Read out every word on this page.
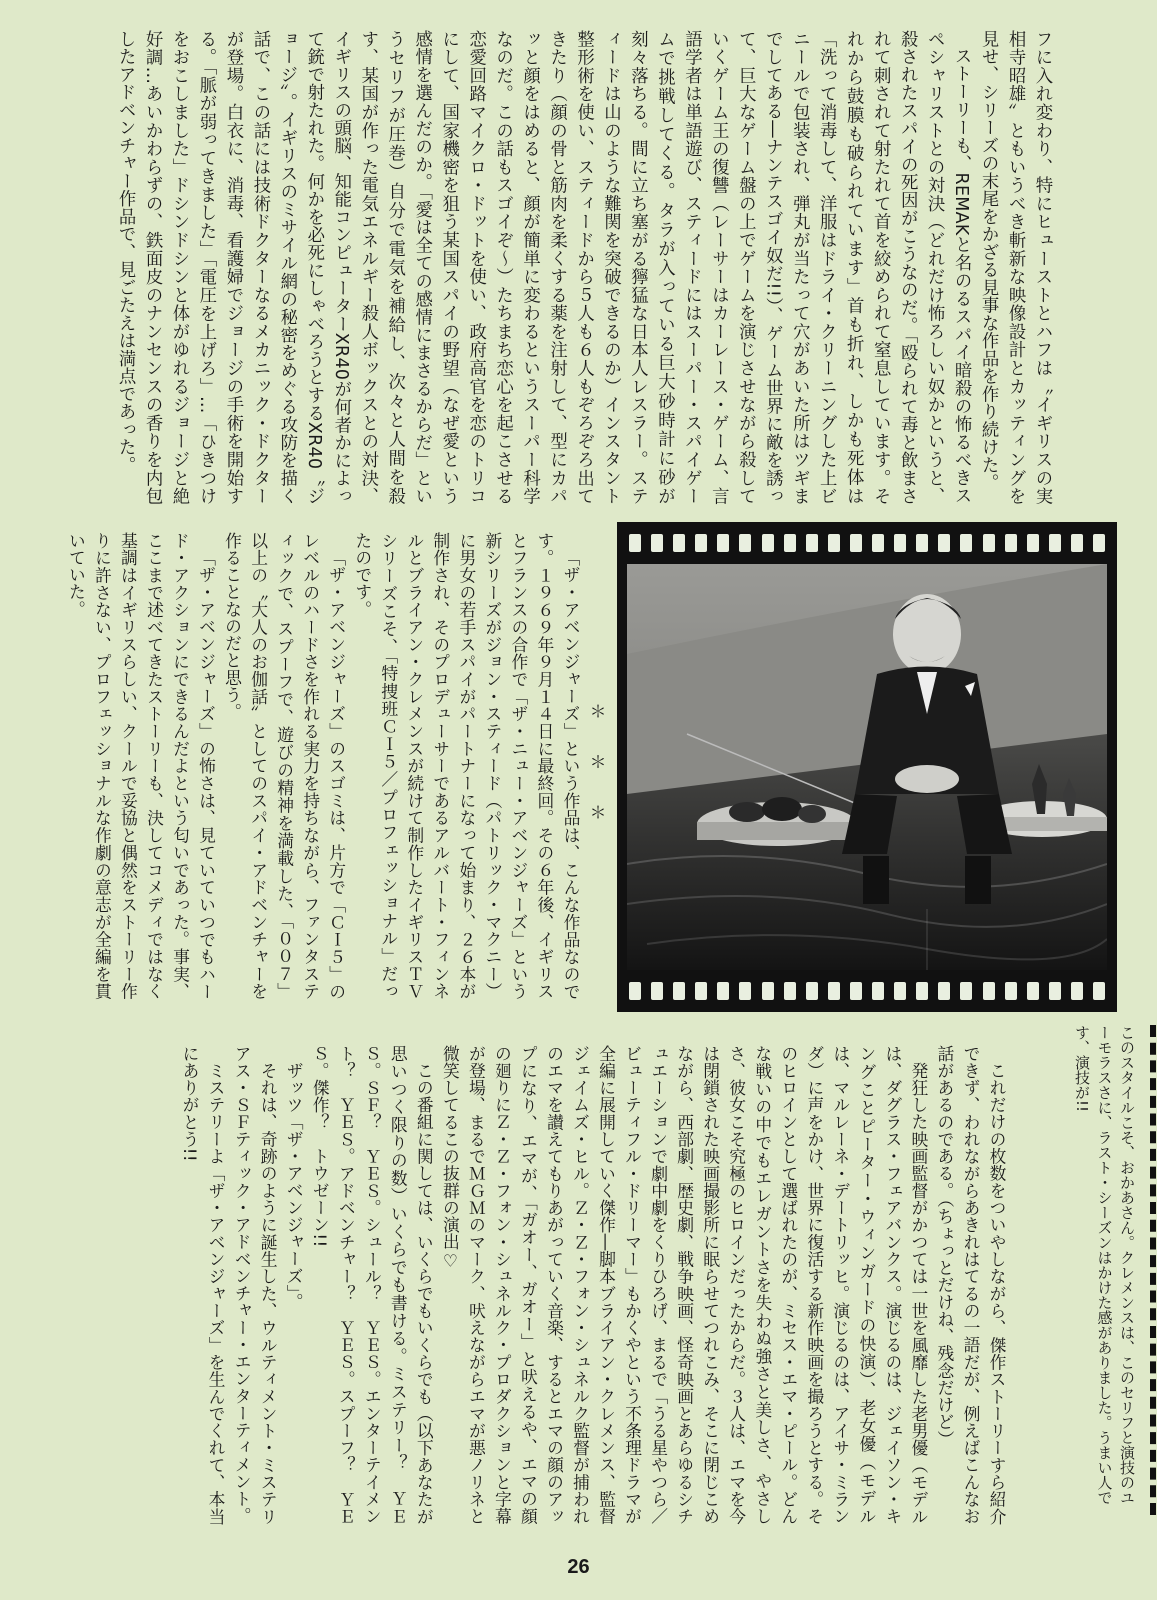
フに入れ変わり、特にヒューストとハフは〝イギリスの実相寺昭雄〟ともいうべき斬新な映像設計とカッティングを見せ、シリーズの末尾をかざる見事な作品を作り続けた。

ストーリーも、REMAKと名のるスパイ暗殺の怖るべきスペシャリストとの対決（どれだけ怖ろしい奴かというと、殺されたスパイの死因がこうなのだ。「殴られて毒と飲まされて刺されて射たれて首を絞められて窒息しています。それから鼓膜も破られています」首も折れ、しかも死体は「洗って消毒して、洋服はドライ・クリーニングした上ビニールで包装され、弾丸が当たって穴があいた所はツギまでしてある―ナンテスゴイ奴だ!!）、ゲーム世界に敵を誘って、巨大なゲーム盤の上でゲームを演じさせながら殺していくゲーム王の復讐（レーサーはカーレース・ゲーム、言語学者は単語遊び、スティードにはスーパー・スパイゲームで挑戦してくる。タラが入っている巨大砂時計に砂が刻々落ちる。間に立ち塞がる獰猛な日本人レスラー。スティードは山のような難関を突破できるのか）インスタント整形術を使い、スティードから５人も６人もぞろぞろ出てきたり（顔の骨と筋肉を柔くする薬を注射して、型にカパッと顔をはめると、顔が簡単に変わるというスーパー科学なのだ。この話もスゴイぞ〜）たちまち恋心を起こさせる恋愛回路マイクロ・ドットを使い、政府高官を恋のトリコにして、国家機密を狙う某国スパイの野望（なぜ愛という感情を選んだのか。「愛は全ての感情にまさるからだ」というセリフが圧巻）自分で電気を補給し、次々と人間を殺す、某国が作った電気エネルギー殺人ボックスとの対決、イギリスの頭脳、知能コンピューターXR40が何者かによって銃で射たれた。何かを必死にしゃべろうとするXR40〝ジョージ〟。イギリスのミサイル網の秘密をめぐる攻防を描く話で、この話には技術ドクターなるメカニック・ドクターが登場。白衣に、消毒、看護婦でジョージの手術を開始する。「脈が弱ってきました」「電圧を上げろ」…「ひきつけをおこしました」ドシンドシンと体がゆれるジョージと絶好調…あいかわらずの、鉄面皮のナンセンスの香りを内包したアドベンチャー作品で、見ごたえは満点であった。

＊　＊　＊

「ザ・アベンジャーズ」という作品は、こんな作品なのです。１９６９年９月１４日に最終回。その６年後、イギリスとフランスの合作で「ザ・ニュー・アベンジャーズ」という新シリーズがジョン・スティード（パトリック・マクニー）に男女の若手スパイがパートナーになって始まり、２６本が制作され、そのプロデューサーであるアルバート・フィンネルとブライアン・クレメンスが続けて制作したイギリスＴＶシリーズこそ、「特捜班ＣＩ５／プロフェッショナル」だったのです。

「ザ・アベンジャーズ」のスゴミは、片方で「ＣＩ５」のレベルのハードさを作れる実力を持ちながら、ファンタスティックで、スプーフで、遊びの精神を満載した、「００７」以上の〝大人のお伽話〟としてのスパイ・アドベンチャーを作ることなのだと思う。

「ザ・アベンジャーズ」の怖さは、見ていていつでもハード・アクションにできるんだよという匂いであった。事実、ここまで述べてきたストーリーも、決してコメディではなく基調はイギリスらしい、クールで妥協と偶然をストーリー作りに許さない、プロフェッショナルな作劇の意志が全編を貫いていた。

このスタイルこそ、おかあさん。クレメンスは、このセリフと演技のユーモラスさに、ラスト・シーズンはかけた感がありました。うまい人です、演技が!!

これだけの枚数をついやしながら、傑作ストーリーすら紹介できず、われながらあきれはてるの一語だが、例えばこんなお話があるのである。（ちょっとだけね、残念だけど）

発狂した映画監督がかつては一世を風靡した老男優（モデルは、ダグラス・フェアバンクス。演じるのは、ジェイソン・キングことピーター・ウィンガードの快演）、老女優（モデルは、マルレーネ・デートリッヒ。演じるのは、アイサ・ミランダ）に声をかけ、世界に復活する新作映画を撮ろうとする。そのヒロインとして選ばれたのが、ミセス・エマ・ピール。どんな戦いの中でもエレガントさを失わぬ強さと美しさ、やさしさ、彼女こそ究極のヒロインだったからだ。３人は、エマを今は閉鎖された映画撮影所に眠らせてつれこみ、そこに閉じこめながら、西部劇、歴史劇、戦争映画、怪奇映画とあらゆるシチュエーションで劇中劇をくりひろげ、まるで「うる星やつら／ビューティフル・ドリーマー」もかくやという不条理ドラマが全編に展開していく傑作―脚本ブライアン・クレメンス、監督ジェイムズ・ヒル。Ｚ・Ｚ・フォン・シュネルク監督が捕われのエマを讃えてもりあがっていく音楽、するとエマの顔のアップになり、エマが、「ガオー、ガオー」と吠えるや、エマの顔の廻りにＺ・Ｚ・フォン・シュネルク・プロダクションと字幕が登場、まるでＭＧＭのマーク、吠えながらエマが悪ノリネと微笑してるこの抜群の演出♡

この番組に関しては、いくらでもいくらでも（以下あなたが思いつく限りの数）いくらでも書ける。ミステリー？　ＹＥＳ。ＳＦ？　ＹＥＳ。シュール？　ＹＥＳ。エンターテイメント？　ＹＥＳ。アドベンチャー？　ＹＥＳ。スプーフ？　ＹＥＳ。傑作？　トウゼーン!!

ザッツ「ザ・アベンジャーズ」。

それは、奇跡のように誕生した、ウルティメント・ミステリアス・ＳＦティック・アドベンチャー・エンターティメント。

ミステリーよ「ザ・アベンジャーズ」を生んでくれて、本当にありがとう!!

26
